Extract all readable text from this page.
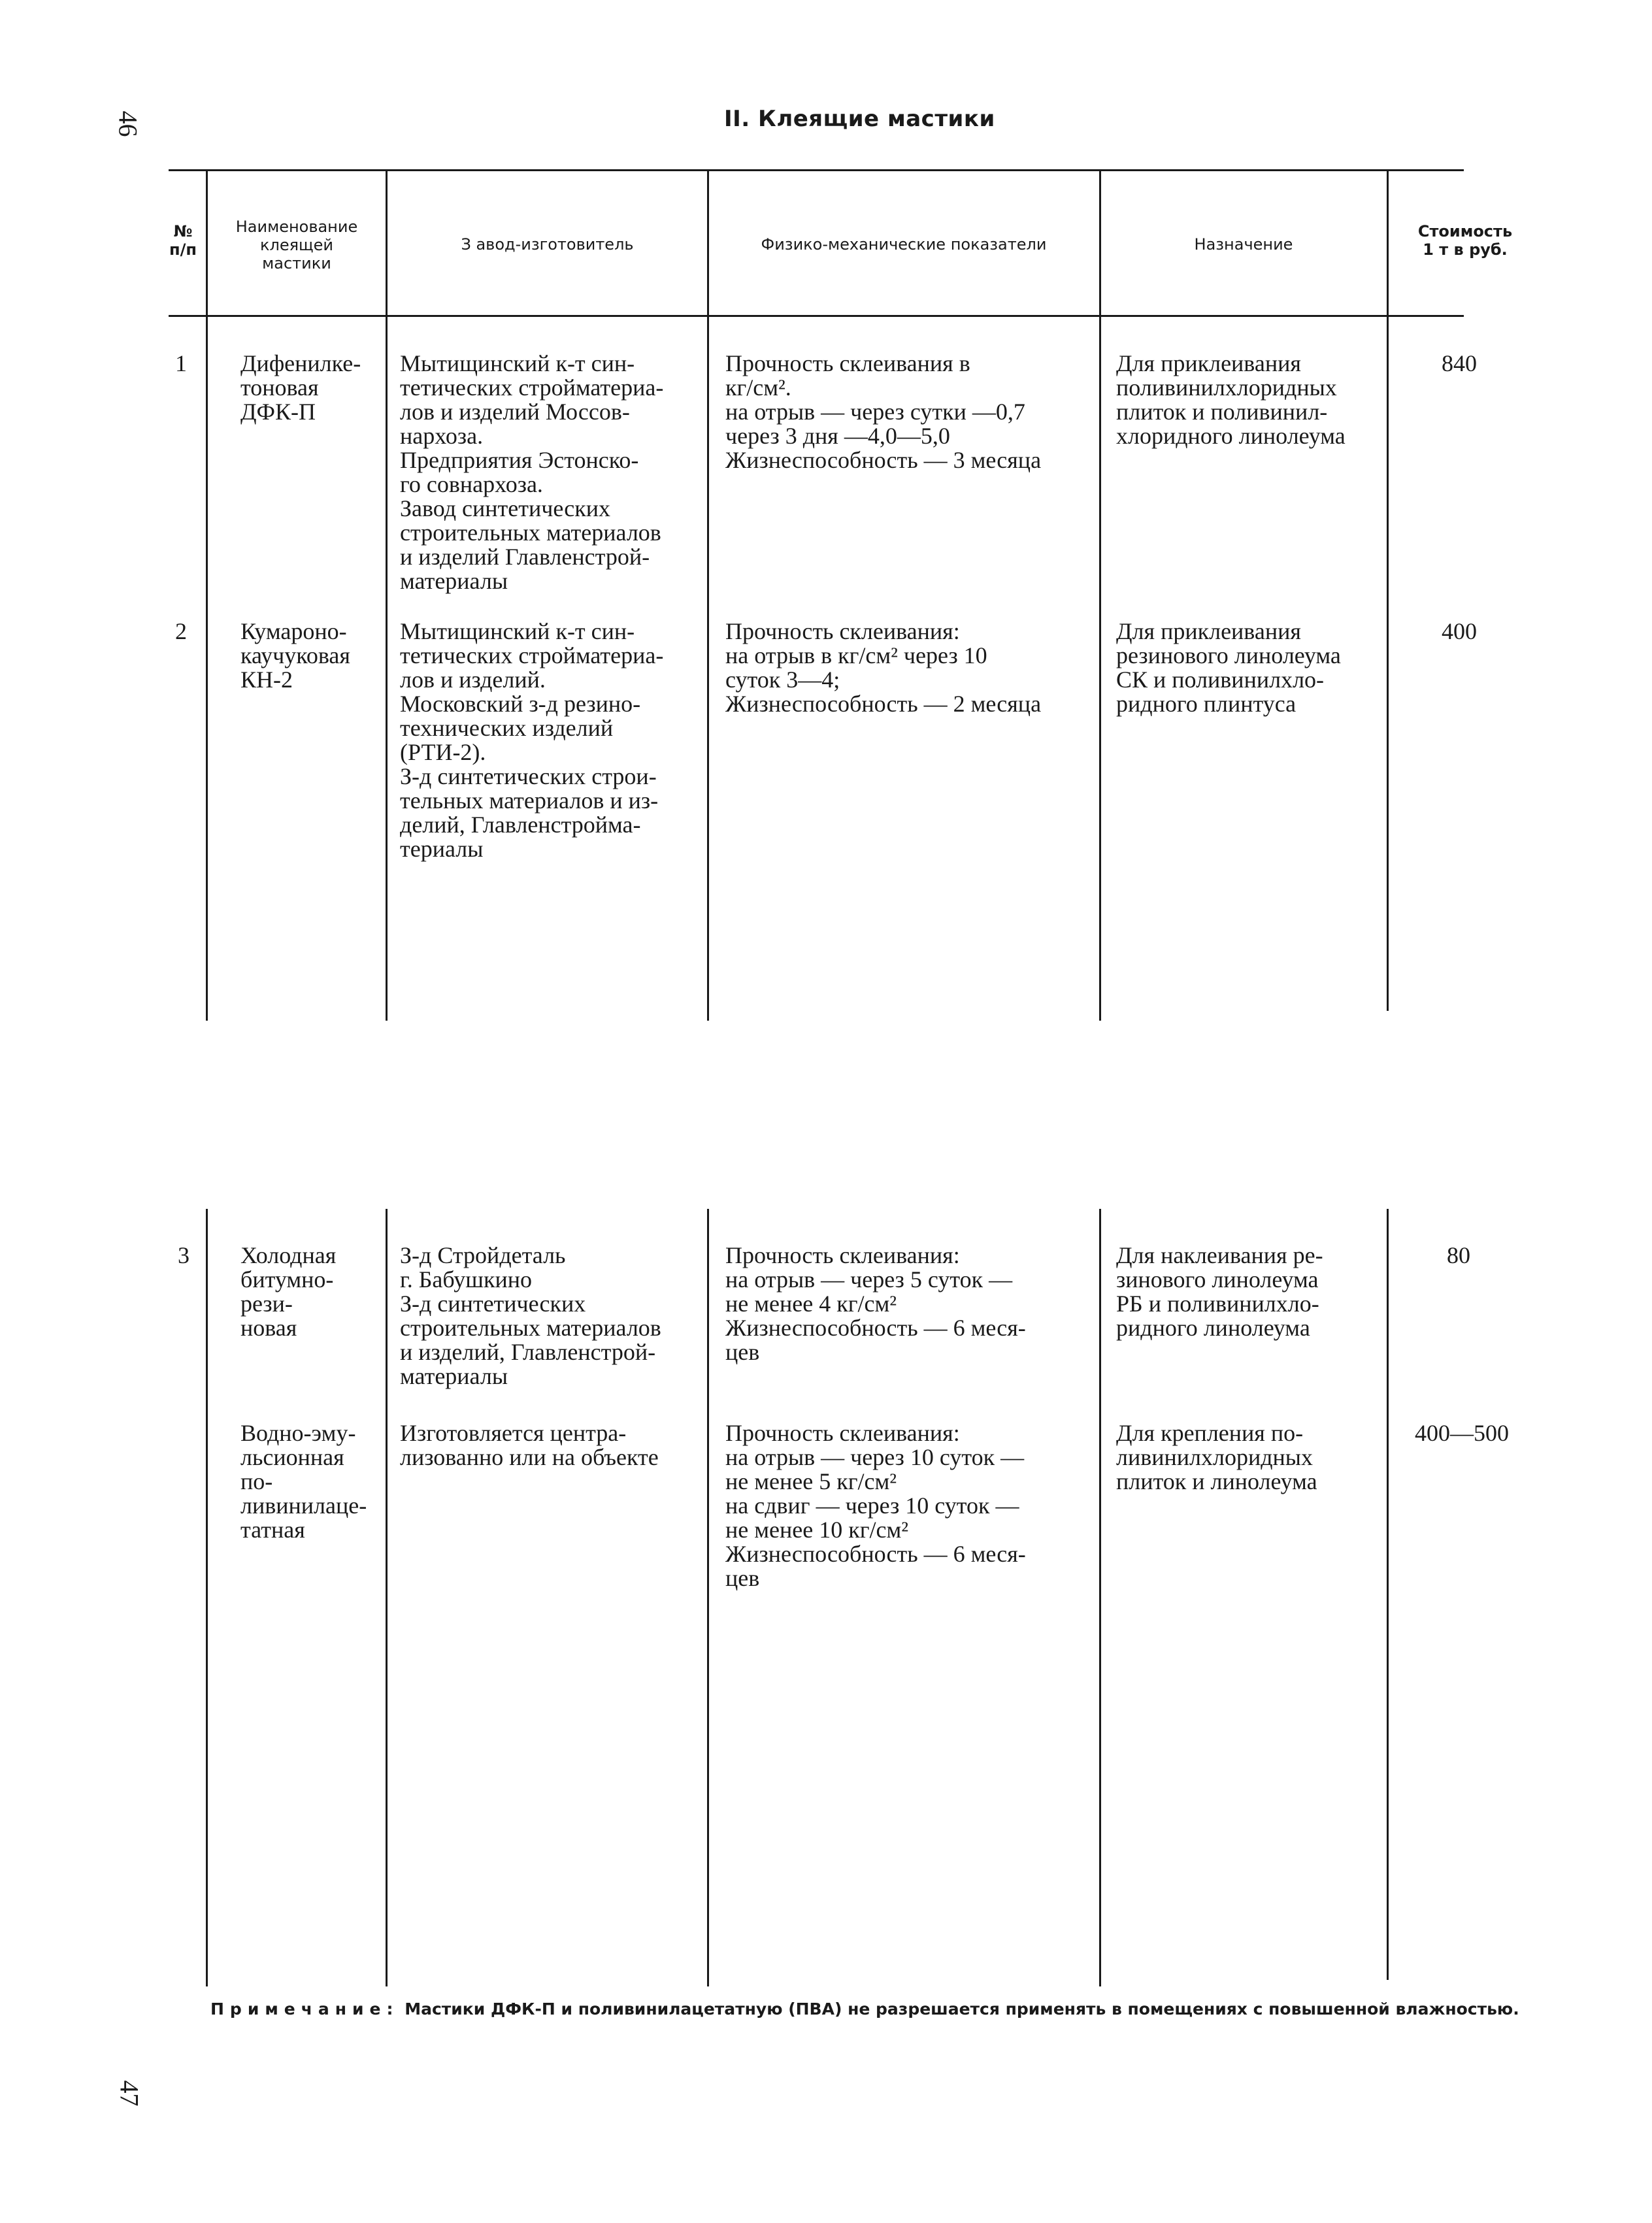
46
47
II. Клеящие мастики
№
п/п
Наименование
клеящей
мастики
З авод-изготовитель	Физико-механические показатели	Назначение
Стоимость
1 т в руб.
1 Дифенилке-
тоновая
ДФК-П
Мытищинский к-т син-
тетических стройматериа-
лов и изделий Моссов-
нархоза.
Предприятия Эстонско-
го совнархоза.
Завод синтетических
строительных материалов
и изделий Главленстрой-
материалы
Прочность склеивания в
кг/см².
на отрыв — через сутки —0,7
через 3 дня —4,0—5,0
Жизнеспособность — 3 месяца
Для приклеивания
поливинилхлоридных
плиток и поливинил-
хлоридного линолеума
840
2 Кумароно-
каучуковая
КН-2
Мытищинский к-т син-
тетических стройматериа-
лов и изделий.
Московский з-д резино-
технических изделий
(РТИ-2).
З-д синтетических строи-
тельных материалов и из-
делий, Главленстройма-
териалы
Прочность склеивания:
на отрыв в кг/см² через 10
суток 3—4;
Жизнеспособность — 2 месяца
Для приклеивания
резинового линолеума
СК и поливинилхло-
ридного плинтуса
400
3 Холодная
битумно-рези-
новая
З-д Стройдеталь
г. Бабушкино
З-д синтетических
строительных материалов
и изделий, Главленстрой-
материалы
Прочность склеивания:
на отрыв — через 5 суток —
не менее 4 кг/см²
Жизнеспособность — 6 меся-
цев
Для наклеивания ре-
зинового линолеума
РБ и поливинилхло-
ридного линолеума
80
Водно-эму-
льсионная по-
ливинилаце-
татная
Изготовляется центра-
лизованно или на объекте
Прочность склеивания:
на отрыв — через 10 суток —
не менее 5 кг/см²
на сдвиг — через 10 суток —
не менее 10 кг/см²
Жизнеспособность — 6 меся-
цев
Для крепления по-
ливинилхлоридных
плиток и линолеума
400—500
Примечание: Мастики ДФК-П и поливинилацетатную (ПВА) не разрешается применять в помещениях с повышенной влажностью.
